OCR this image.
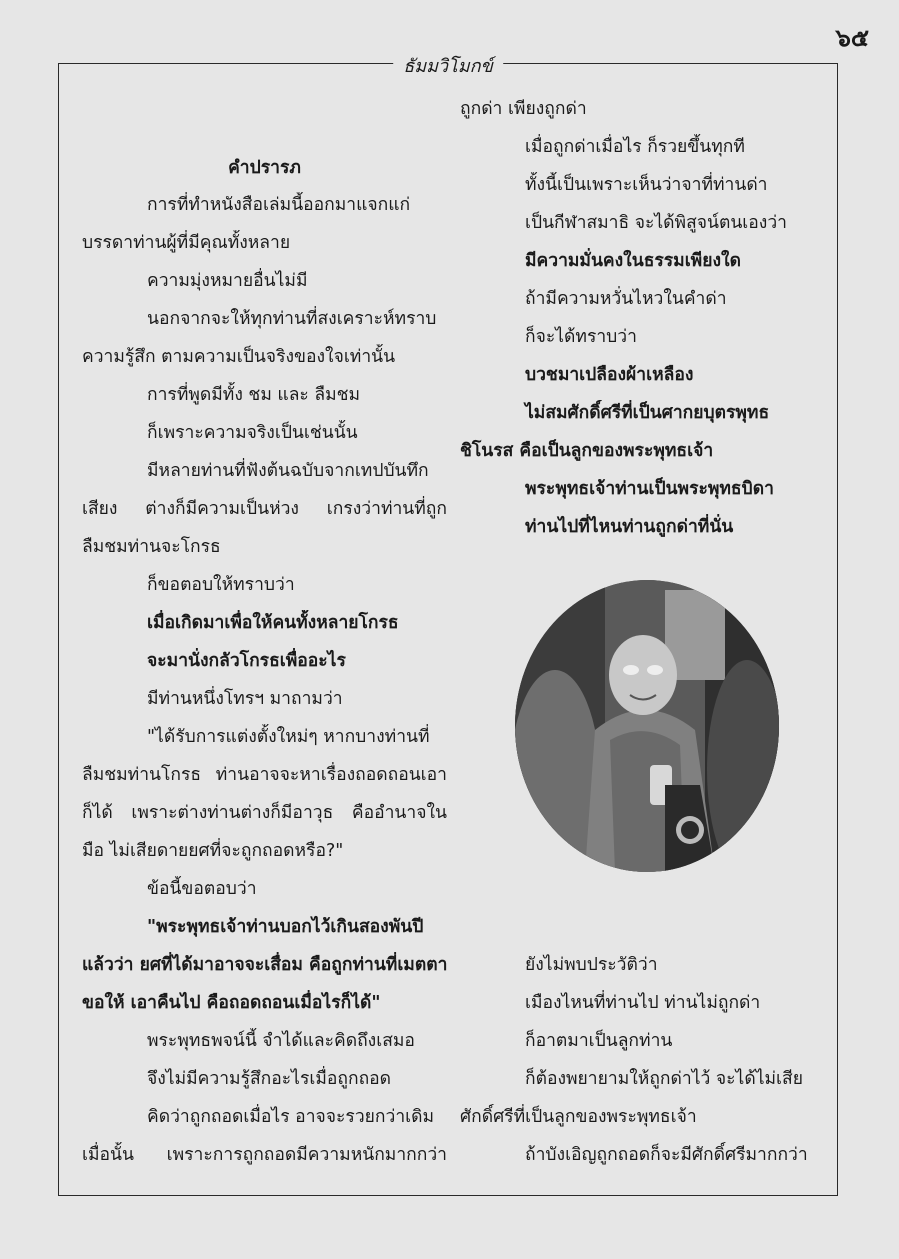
๖๕
ธัมมวิโมกข์
คำปรารภ
การที่ทำหนังสือเล่มนี้ออกมาแจกแก่
บรรดาท่านผู้ที่มีคุณทั้งหลาย
ความมุ่งหมายอื่นไม่มี
นอกจากจะให้ทุกท่านที่สงเคราะห์ทราบ
ความรู้สึก ตามความเป็นจริงของใจเท่านั้น
การที่พูดมีทั้ง ชม และ ลืมชม
ก็เพราะความจริงเป็นเช่นนั้น
มีหลายท่านที่ฟังต้นฉบับจากเทปบันทึก
เสียง ต่างก็มีความเป็นห่วง เกรงว่าท่านที่ถูก
ลืมชมท่านจะโกรธ
ก็ขอตอบให้ทราบว่า
เมื่อเกิดมาเพื่อให้คนทั้งหลายโกรธ
จะมานั่งกลัวโกรธเพื่ออะไร
มีท่านหนึ่งโทรฯ มาถามว่า
"ได้รับการแต่งตั้งใหม่ๆ หากบางท่านที่
ลืมชมท่านโกรธ ท่านอาจจะหาเรื่องถอดถอนเอา
ก็ได้ เพราะต่างท่านต่างก็มีอาวุธ คืออำนาจใน
มือ ไม่เสียดายยศที่จะถูกถอดหรือ?"
ข้อนี้ขอตอบว่า
"พระพุทธเจ้าท่านบอกไว้เกินสองพันปี
แล้วว่า ยศที่ได้มาอาจจะเสื่อม คือถูกท่านที่เมตตา
ขอให้ เอาคืนไป คือถอดถอนเมื่อไรก็ได้"
พระพุทธพจน์นี้ จำได้และคิดถึงเสมอ
จึงไม่มีความรู้สึกอะไรเมื่อถูกถอด
คิดว่าถูกถอดเมื่อไร อาจจะรวยกว่าเดิม
เมื่อนั้น เพราะการถูกถอดมีความหนักมากกว่า
ถูกด่า เพียงถูกด่า
เมื่อถูกด่าเมื่อไร ก็รวยขึ้นทุกที
ทั้งนี้เป็นเพราะเห็นว่าจาที่ท่านด่า
เป็นกีฬาสมาธิ จะได้พิสูจน์ตนเองว่า
มีความมั่นคงในธรรมเพียงใด
ถ้ามีความหวั่นไหวในคำด่า
ก็จะได้ทราบว่า
บวชมาเปลืองผ้าเหลือง
ไม่สมศักดิ์ศรีที่เป็นศากยบุตรพุทธ
ชิโนรส คือเป็นลูกของพระพุทธเจ้า
พระพุทธเจ้าท่านเป็นพระพุทธบิดา
ท่านไปที่ไหนท่านถูกด่าที่นั่น
ยังไม่พบประวัติว่า
เมืองไหนที่ท่านไป ท่านไม่ถูกด่า
ก็อาตมาเป็นลูกท่าน
ก็ต้องพยายามให้ถูกด่าไว้ จะได้ไม่เสีย
ศักดิ์ศรีที่เป็นลูกของพระพุทธเจ้า
ถ้าบังเอิญถูกถอดก็จะมีศักดิ์ศรีมากกว่า
